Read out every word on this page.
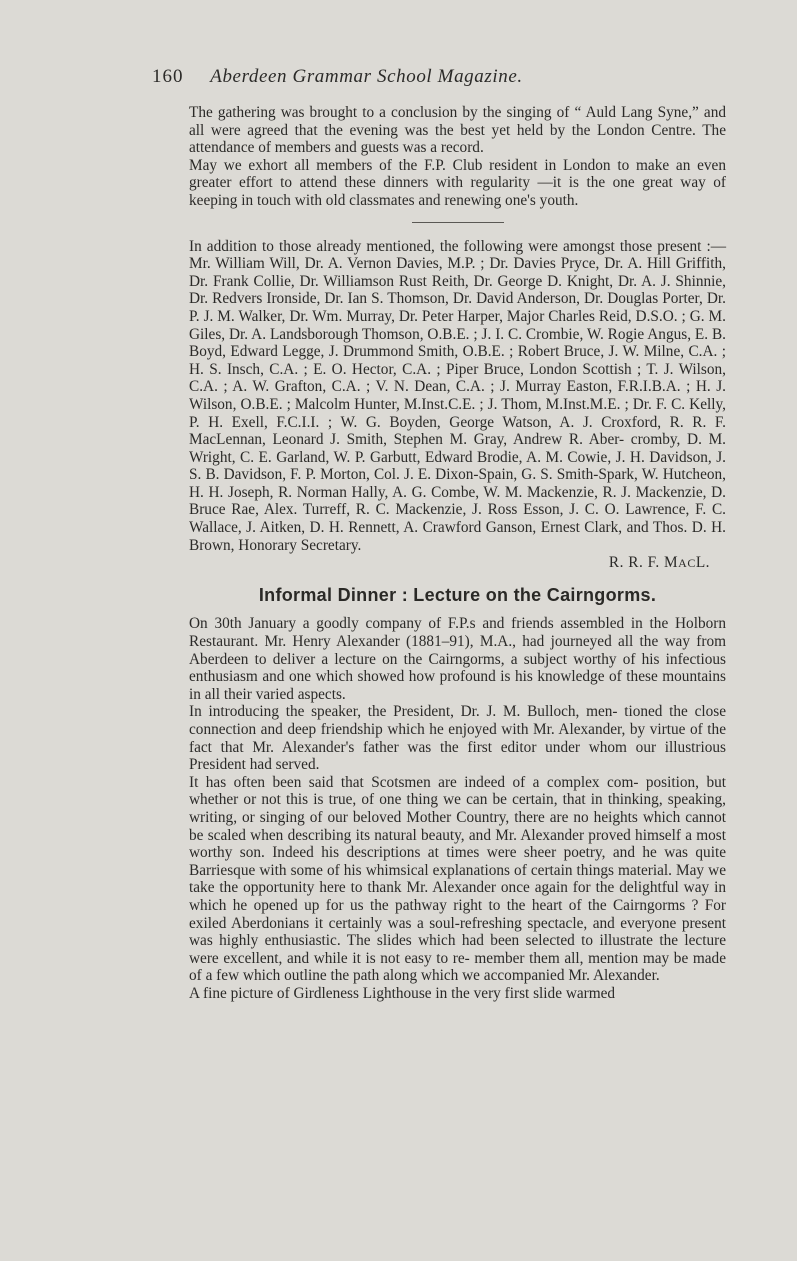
160 Aberdeen Grammar School Magazine.

The gathering was brought to a conclusion by the singing of “ Auld Lang Syne,” and all were agreed that the evening was the best yet held by the London Centre. The attendance of members and guests was a record.

May we exhort all members of the F.P. Club resident in London to make an even greater effort to attend these dinners with regularity —it is the one great way of keeping in touch with old classmates and renewing one's youth.

In addition to those already mentioned, the following were amongst those present :—Mr. William Will, Dr. A. Vernon Davies, M.P. ; Dr. Davies Pryce, Dr. A. Hill Griffith, Dr. Frank Collie, Dr. Williamson Rust Reith, Dr. George D. Knight, Dr. A. J. Shinnie, Dr. Redvers Ironside, Dr. Ian S. Thomson, Dr. David Anderson, Dr. Douglas Porter, Dr. P. J. M. Walker, Dr. Wm. Murray, Dr. Peter Harper, Major Charles Reid, D.S.O. ; G. M. Giles, Dr. A. Landsborough Thomson, O.B.E. ; J. I. C. Crombie, W. Rogie Angus, E. B. Boyd, Edward Legge, J. Drummond Smith, O.B.E. ; Robert Bruce, J. W. Milne, C.A. ; H. S. Insch, C.A. ; E. O. Hector, C.A. ; Piper Bruce, London Scottish ; T. J. Wilson, C.A. ; A. W. Grafton, C.A. ; V. N. Dean, C.A. ; J. Murray Easton, F.R.I.B.A. ; H. J. Wilson, O.B.E. ; Malcolm Hunter, M.Inst.C.E. ; J. Thom, M.Inst.M.E. ; Dr. F. C. Kelly, P. H. Exell, F.C.I.I. ; W. G. Boyden, George Watson, A. J. Croxford, R. R. F. MacLennan, Leonard J. Smith, Stephen M. Gray, Andrew R. Aber- cromby, D. M. Wright, C. E. Garland, W. P. Garbutt, Edward Brodie, A. M. Cowie, J. H. Davidson, J. S. B. Davidson, F. P. Morton, Col. J. E. Dixon-Spain, G. S. Smith-Spark, W. Hutcheon, H. H. Joseph, R. Norman Hally, A. G. Combe, W. M. Mackenzie, R. J. Mackenzie, D. Bruce Rae, Alex. Turreff, R. C. Mackenzie, J. Ross Esson, J. C. O. Lawrence, F. C. Wallace, J. Aitken, D. H. Rennett, A. Crawford Ganson, Ernest Clark, and Thos. D. H. Brown, Honorary Secretary.

R. R. F. MACL.
Informal Dinner : Lecture on the Cairngorms.

On 30th January a goodly company of F.P.s and friends assembled in the Holborn Restaurant. Mr. Henry Alexander (1881–91), M.A., had journeyed all the way from Aberdeen to deliver a lecture on the Cairngorms, a subject worthy of his infectious enthusiasm and one which showed how profound is his knowledge of these mountains in all their varied aspects.

In introducing the speaker, the President, Dr. J. M. Bulloch, men- tioned the close connection and deep friendship which he enjoyed with Mr. Alexander, by virtue of the fact that Mr. Alexander's father was the first editor under whom our illustrious President had served.

It has often been said that Scotsmen are indeed of a complex com- position, but whether or not this is true, of one thing we can be certain, that in thinking, speaking, writing, or singing of our beloved Mother Country, there are no heights which cannot be scaled when describing its natural beauty, and Mr. Alexander proved himself a most worthy son. Indeed his descriptions at times were sheer poetry, and he was quite Barriesque with some of his whimsical explanations of certain things material. May we take the opportunity here to thank Mr. Alexander once again for the delightful way in which he opened up for us the pathway right to the heart of the Cairngorms ? For exiled Aberdonians it certainly was a soul-refreshing spectacle, and everyone present was highly enthusiastic. The slides which had been selected to illustrate the lecture were excellent, and while it is not easy to re- member them all, mention may be made of a few which outline the path along which we accompanied Mr. Alexander.

A fine picture of Girdleness Lighthouse in the very first slide warmed
